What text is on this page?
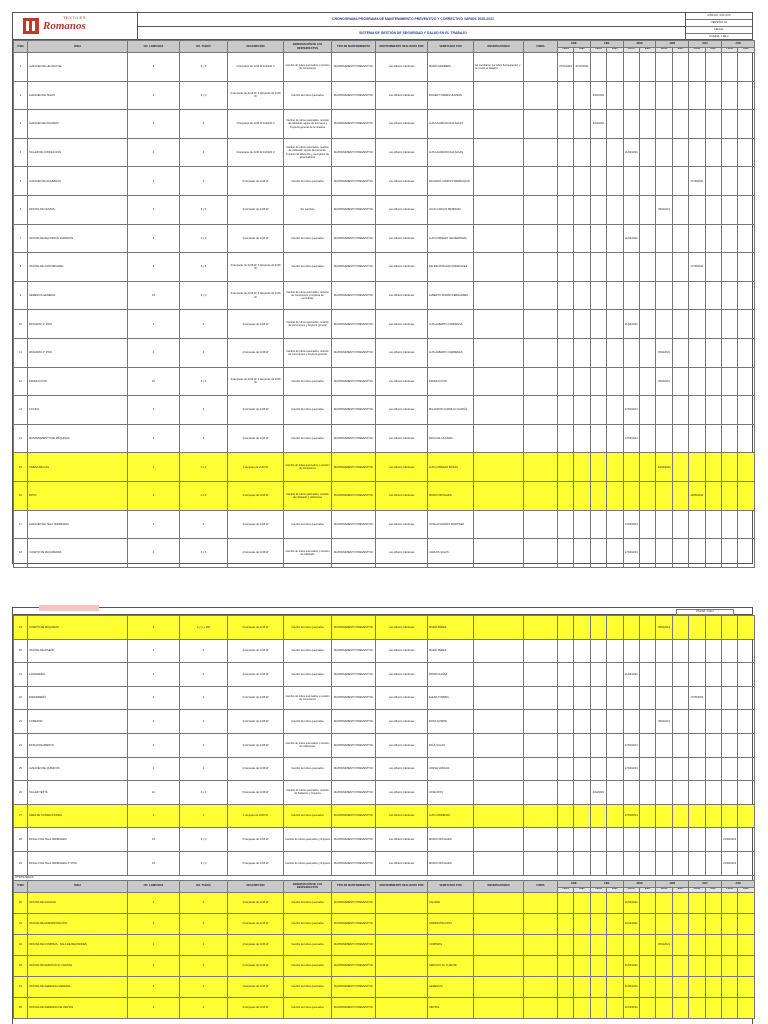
TEXTILES
Romanos
CRONOGRAMA PROGRAMA DE MANTENIMIENTO PREVENTIVO Y CORRECTIVO VARIOS 2020-2021
SISTEMA DE GESTIÓN DE SEGURIDAD Y SALUD EN EL TRABAJO
CÓDIGO: XXX-XXX
VERSIÓN: 01
FECHA:
PÁGINA: 1 DE 2
ITEM	ÁREA	NO. LAMPARAS	NO. TUBOS	DESCRIPCIÓN	OBSERVACIÓN DE LOS DESPERFECTOS	TIPO DE MANTENIMIENTO	MANTENIMIENTO REALIZADO POR	VERIFICADO POR	OBSERVACIONES	FIRMA	ENE		FEB		MAR		ABR		MAY		JUN	
											PROG	EJEC	PROG	EJEC	PROG	EJEC	PROG	EJEC	PROG	EJEC	PROG	EJEC
1	ALMACEN DE HILO/HOTEL	6	6 y 3	2 lámparas de 2x36 W 110/220 V	Cambio de tubos quemados y revisión de conexiones	MANTENIMIENTO PREVENTIVO	Luis Alberto Cárdenas	MARIO HERRERA	Se cambiaron los tubos fluorescentes y se revisó el balastro		27/01/2021	27/01/2021										
2	ALMACEN DE TELAS	6	6 y 3	2 lámparas de 2x36 W, 2 lámparas de 1x36 W	Cambio de tubos quemados	MANTENIMIENTO PREVENTIVO	Luis Alberto Cárdenas	ROGER TORRES HUAMAN					4/02/2021									
3	ALMACEN DE INSUMOS	4	4	4 lámparas de 2x36 W 110/220 V	Cambio de tubos quemados, revisión de cableado, ajuste de borneras y limpieza general de luminarias	MANTENIMIENTO PREVENTIVO	Luis Alberto Cárdenas	LUIS HUAMANCCHA SALAS					4/02/2021									
4	TALLER DE CONFECCIÓN	4	4	4 lámparas de 2x36 W 110/220 V	Cambio de tubos quemados, revisión de cableado, ajuste de borneras, limpieza de difusores y reemplazo de arrancadores	MANTENIMIENTO PREVENTIVO	Luis Alberto Cárdenas	LUIS HUAMANCCHA SALAS							11/03/2021							
5	ALMACEN DE ACABADOS	2	2	2 lámparas de 1x36 W	Cambio de tubos quemados	MANTENIMIENTO PREVENTIVO	Luis Alberto Cárdenas	RICARDO CAMPOS MARROQUIN											17/05/2021			
6	OFICINA DE VENTAS	3	3 y 6	3 lámparas de 2x36 W	Sin cambios	MANTENIMIENTO PREVENTIVO	Luis Alberto Cárdenas	JUAN CARLOS MENDOZA									8/04/2021					
7	OFICINA DE RECURSOS HUMANOS	4	4 y 3	4 lámparas de 2x36 W	Cambio de tubos quemados	MANTENIMIENTO PREVENTIVO	Luis Alberto Cárdenas	LUIS CORNEJO VALDERRAMA							11/03/2021							
8	OFICINA DE CONTABILIDAD	6	6 y 6	3 lámparas de 2x36 W, 3 lámparas de 2x36 W	Cambio de tubos quemados	MANTENIMIENTO PREVENTIVO	Luis Alberto Cárdenas	FELIPE ROSALES RODRIGUEZ											17/05/2021			
9	GERENCIA GENERAL	10	6 y 3	3 lámparas de 2x36 W, 4 lámparas de 1x36 W	Cambio de tubos quemados, revisión de conexiones y limpieza de luminarias	MANTENIMIENTO PREVENTIVO	Luis Alberto Cárdenas	ALBERTO ROMÁN FERNANDEZ														
10	PASADIZO 1° PISO	4	4	4 lámparas de 2x36 W	Cambio de tubos quemados, revisión de conexiones y limpieza general	MANTENIMIENTO PREVENTIVO	Luis Alberto Cárdenas	LUIS ALBERTO CARDENAS							11/03/2021							
11	PASADIZO 2° PISO	4	4	4 lámparas de 2x36 W	Cambio de tubos quemados, revisión de conexiones y limpieza general	MANTENIMIENTO PREVENTIVO	Luis Alberto Cárdenas	LUIS ALBERTO CARDENAS									8/04/2021					
12	PRODUCCIÓN	10	6 y 6	3 lámparas de 2x36 W, 3 lámparas de 2x36 W	Cambio de tubos quemados	MANTENIMIENTO PREVENTIVO	Luis Alberto Cárdenas	PRODUCCIÓN									8/04/2021					
13	COCINA	3	3	3 lámparas de 2x36 W	Cambio de tubos quemados	MANTENIMIENTO PREVENTIVO	Luis Alberto Cárdenas	MILAGROS CARRILLO GARCÍA							17/03/2021							
14	MANTENIMIENTO DE MÁQUINAS	3	3	3 lámparas de 2x36 W	Cambio de tubos quemados	MANTENIMIENTO PREVENTIVO	Luis Alberto Cárdenas	PASCUAL OLIVERA							17/03/2021							
15	CABINA DE GAS	1	1 o 2	1 lámpara de 2x36 W	Cambio de tubos quemados y revisión de conexiones	MANTENIMIENTO PREVENTIVO	Luis Alberto Cárdenas	LUIS CORNEJO ROSAS									13/04/2021					
16	PATIO	4	4 o 6	3 lámparas de 2x36 W	Cambio de tubos quemados, revisión de cableado y reflectores	MANTENIMIENTO PREVENTIVO	Luis Alberto Cárdenas	MARCO ROSALES											19/05/2021			
17	ALMACÉN DE TELA TERMINADA	4	4	4 lámparas de 2x36 W	Cambio de tubos quemados	MANTENIMIENTO PREVENTIVO	Luis Alberto Cárdenas	JOSE ALVARADO MARTINEZ							17/03/2021							
18	CUARTO DE MAQUINARIA	4	4 y 6	4 lámparas de 2x36 W	Cambio de tubos quemados y revisión de cableado	MANTENIMIENTO PREVENTIVO	Luis Alberto Cárdenas	CARLOS SALAS							17/03/2021							
PÁGINA: 2 DE 2
19	CUARTO DE MÁQUINAS	4	4 y 1 + 100	4 lámparas de 2x36 W	Cambio de tubos quemados	MANTENIMIENTO PREVENTIVO	Luis Alberto Cárdenas	MARÍA PÉREZ									8/04/2021					
20	OFICINA DE DISEÑO	4	4	4 lámparas de 2x36 W	Cambio de tubos quemados	MANTENIMIENTO PREVENTIVO	Luis Alberto Cárdenas	MARÍA PÉREZ														
21	LAVANDERÍA	4	4	4 lámparas de 2x36 W	Cambio de tubos quemados	MANTENIMIENTO PREVENTIVO	Luis Alberto Cárdenas	PATRICIA DÍAZ							11/03/2021							
22	ENFERMERÍA	2	2	2 lámparas de 2x36 W	Cambio de tubos quemados y revisión de conexiones	MANTENIMIENTO PREVENTIVO	Luis Alberto Cárdenas	ELENA TORRES											17/05/2021			
23	COMEDOR	4	4	4 lámparas de 2x36 W	Cambio de tubos quemados	MANTENIMIENTO PREVENTIVO	Luis Alberto Cárdenas	ROSA QUISPE									8/04/2021					
24	ESTACIONAMIENTO	4	4	4 lámparas de 2x36 W	Cambio de tubos quemados y revisión de reflectores	MANTENIMIENTO PREVENTIVO	Luis Alberto Cárdenas	RAÚL SALAS							17/03/2021							
25	ALMACÉN DE QUÍMICOS	2	2	2 lámparas de 2x36 W	Cambio de tubos quemados	MANTENIMIENTO PREVENTIVO	Luis Alberto Cárdenas	JORGE VARGAS							17/03/2021							
26	TALLER TEXTIL	10	6 y 3	5 lámparas de 2x36 W	Cambio de tubos quemados, revisión de balastros y limpieza	MANTENIMIENTO PREVENTIVO	Luis Alberto Cárdenas	JOSE RÍOS					4/02/2021									
27	ÁREA DE CONFECCIONES	1	1	1 lámpara de 2x36 W	Cambio de tubos quemados	MANTENIMIENTO PREVENTIVO	Luis Alberto Cárdenas	LUIS CÁRDENAS							17/03/2021							
28	PASILLO DE TELA TERMINADA	10	6 y 3	5 lámparas de 2x36 W	Cambio de tubos quemados y limpieza	MANTENIMIENTO PREVENTIVO	Luis Alberto Cárdenas	MARCO ROSALES													21/06/2021	
29	PASILLO DE TELA TERMINADA 2° PISO	10	6 y 3	5 lámparas de 2x36 W	Cambio de tubos quemados y limpieza	MANTENIMIENTO PREVENTIVO	Luis Alberto Cárdenas	MARCO ROSALES													21/06/2021	
OTRAS ÁREAS																						
ITEM	ÁREA	NO. LAMPARAS	NO. TUBOS	DESCRIPCIÓN	OBSERVACIÓN DE LOS DESPERFECTOS	TIPO DE MANTENIMIENTO	MANTENIMIENTO REALIZADO POR	VERIFICADO POR	OBSERVACIONES	FIRMA	ENE		FEB		MAR		ABR		MAY		JUN	
											PROG	EJEC	PROG	EJEC	PROG	EJEC	PROG	EJEC	PROG	EJEC	PROG	EJEC
30	OFICINA DE CALIDAD	4	4	4 lámparas de 2x36 W	Cambio de tubos quemados	MANTENIMIENTO PREVENTIVO		CALIDAD							11/03/2021							
31	OFICINA DE ADMINISTRACIÓN	4	4	4 lámparas de 2x36 W	Cambio de tubos quemados	MANTENIMIENTO PREVENTIVO		ADMINISTRACIÓN							11/03/2021							
32	OFICINA DE COMPRAS - SALA DE REUNIONES	4	4	4 lámparas de 2x36 W	Cambio de tubos quemados	MANTENIMIENTO PREVENTIVO		COMPRAS									8/04/2021					
33	OFICINA DE SERVICIO AL CLIENTE	2	2	2 lámparas de 2x36 W	Cambio de tubos quemados	MANTENIMIENTO PREVENTIVO		SERVICIO AL CLIENTE							11/03/2021							
34	OFICINA DE GERENCIA GENERAL	4	4	4 lámparas de 2x36 W	Cambio de tubos quemados	MANTENIMIENTO PREVENTIVO		GERENCIA							11/03/2021							
35	OFICINA DE GERENCIA DE VENTAS	4	4	4 lámparas de 2x36 W	Cambio de tubos quemados	MANTENIMIENTO PREVENTIVO		VENTAS							11/03/2021							
